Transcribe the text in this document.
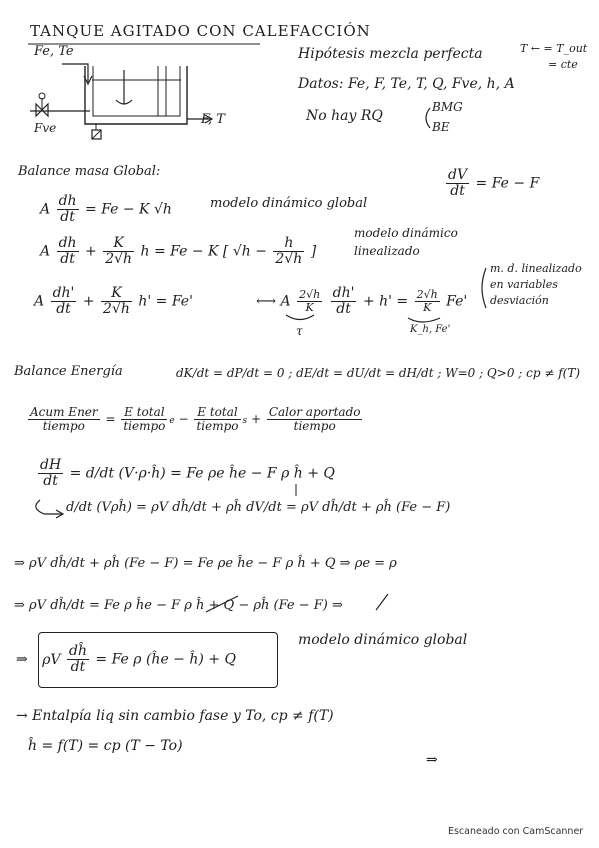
TANQUE AGITADO CON CALEFACCIÓN
Fe, Te
Fve
F, T
Hipótesis mezcla perfecta	T ← = T_out
= cte
Datos: Fe, F, Te, T, Q, Fve, h, A
No hay RQ
BMG
BE
Balance masa Global:	$\frac{dV}{dt} = Fe - F$
A $\frac{dh}{dt} = Fe - K$ √h	modelo dinámico global
A $\frac{dh}{dt} + \frac{K}{2√h}$ h = Fe − K [ $√h - \frac{h}{2√h}$ ]
modelo dinámico
linealizado
A $\frac{dh'}{dt} + \frac{K}{2√h} h' = Fe'$	⟷ A $\frac{2√h}{K}$
$\frac{dh'}{dt} + h' = \frac{2√h}{K} Fe'$
τ	K_h, Fe'
m. d. linealizado
en variables
desviación
Balance Energía	dK/dt = dP/dt = 0 ; dE/dt = dU/dt = dH/dt ; W=0 ; Q>0 ; cp ≠ f(T)
$\frac{\text{Acum Ener}}{\text{tiempo}} = \frac{\text{E total}}{\text{tiempo}}$ $e - \frac{\text{E total}}{\text{tiempo}}$ $s + \frac{\text{Calor aportado}}{\text{tiempo}}$
$\frac{dH}{dt} = d/dt$ (V·ρ·ĥ) = Fe ρe ĥe − F ρ ĥ + Q
d/dt (Vρĥ) = ρV dĥ/dt + ρĥ dV/dt = ρV dĥ/dt + ρĥ (Fe − F)
⇒ ρV dĥ/dt + ρĥ (Fe − F) = Fe ρe ĥe − F ρ ĥ + Q ⇒ ρe = ρ
⇒ ρV dĥ/dt = Fe ρ ĥe − F ρ ĥ + Q − ρĥ (Fe − F) ⇒
⇒ ρV $\frac{dĥ}{dt} = Fe$ ρ (ĥe − ĥ) + Q
modelo dinámico global
→ Entalpía liq sin cambio fase y To, cp ≠ f(T)
ĥ = f(T) = cp (T − To)
⇒
Escaneado con CamScanner
